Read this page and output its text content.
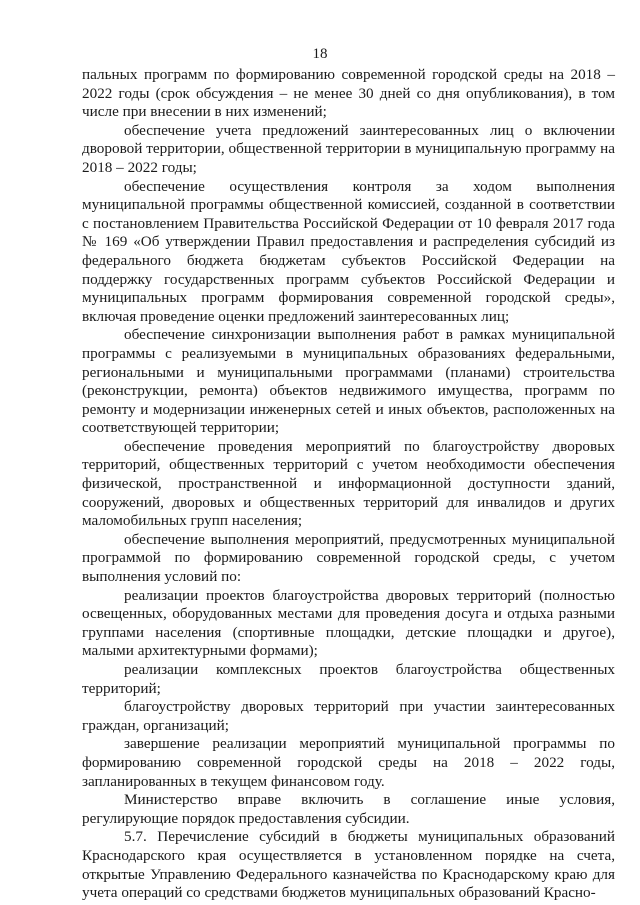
18

пальных программ по формированию современной городской среды на 2018 – 2022 годы (срок обсуждения – не менее 30 дней со дня опубликования), в том числе при внесении в них изменений;

обеспечение учета предложений заинтересованных лиц о включении дворовой территории, общественной территории в муниципальную программу на 2018 – 2022 годы;

обеспечение осуществления контроля за ходом выполнения муниципальной программы общественной комиссией, созданной в соответствии с постановлением Правительства Российской Федерации от 10 февраля 2017 года № 169 «Об утверждении Правил предоставления и распределения субсидий из федерального бюджета бюджетам субъектов Российской Федерации на поддержку государственных программ субъектов Российской Федерации и муниципальных программ формирования современной городской среды», включая проведение оценки предложений заинтересованных лиц;

обеспечение синхронизации выполнения работ в рамках муниципальной программы с реализуемыми в муниципальных образованиях федеральными, региональными и муниципальными программами (планами) строительства (реконструкции, ремонта) объектов недвижимого имущества, программ по ремонту и модернизации инженерных сетей и иных объектов, расположенных на соответствующей территории;

обеспечение проведения мероприятий по благоустройству дворовых территорий, общественных территорий с учетом необходимости обеспечения физической, пространственной и информационной доступности зданий, сооружений, дворовых и общественных территорий для инвалидов и других маломобильных групп населения;

обеспечение выполнения мероприятий, предусмотренных муниципальной программой по формированию современной городской среды, с учетом выполнения условий по:

реализации проектов благоустройства дворовых территорий (полностью освещенных, оборудованных местами для проведения досуга и отдыха разными группами населения (спортивные площадки, детские площадки и другое), малыми архитектурными формами);

реализации комплексных проектов благоустройства общественных территорий;

благоустройству дворовых территорий при участии заинтересованных граждан, организаций;

завершение реализации мероприятий муниципальной программы по формированию современной городской среды на 2018 – 2022 годы, запланированных в текущем финансовом году.

Министерство вправе включить в соглашение иные условия, регулирующие порядок предоставления субсидии.

5.7. Перечисление субсидий в бюджеты муниципальных образований Краснодарского края осуществляется в установленном порядке на счета, открытые Управлению Федерального казначейства по Краснодарскому краю для учета операций со средствами бюджетов муниципальных образований Красно-
